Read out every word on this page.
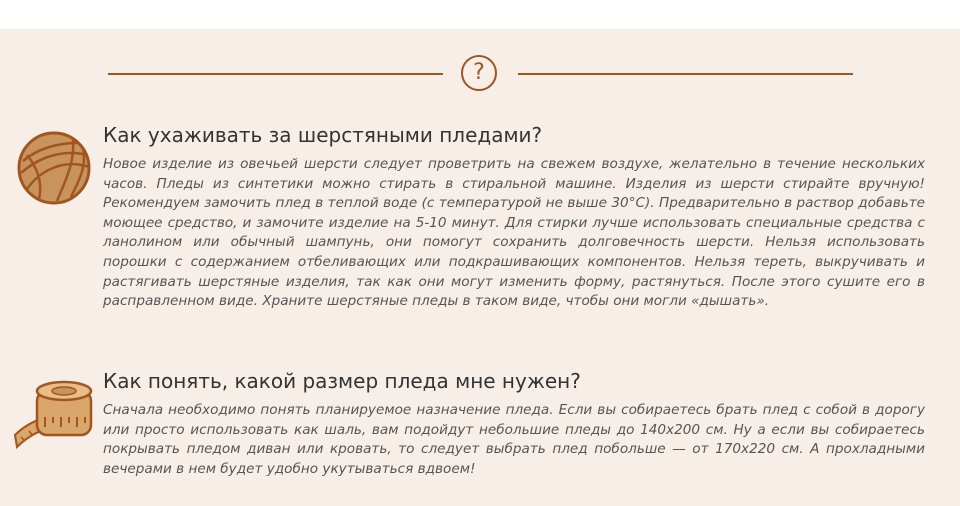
?
Как ухаживать за шерстяными пледами?

Новое изделие из овечьей шерсти следует проветрить на свежем воздухе, желательно в течение нескольких часов. Пледы из синтетики можно стирать в стиральной машине. Изделия из шерсти стирайте вручную! Рекомендуем замочить плед в теплой воде (с температурой не выше 30°C). Предварительно в раствор добавьте моющее средство, и замочите изделие на 5-10 минут. Для стирки лучше использовать специальные средства с ланолином или обычный шампунь, они помогут сохранить долговечность шерсти. Нельзя использовать порошки с содержанием отбеливающих или подкрашивающих компонентов. Нельзя тереть, выкручивать и растягивать шерстяные изделия, так как они могут изменить форму, растянуться. После этого сушите его в расправленном виде. Храните шерстяные пледы в таком виде, чтобы они могли «дышать».

Как понять, какой размер пледа мне нужен?

Сначала необходимо понять планируемое назначение пледа. Если вы собираетесь брать плед с собой в дорогу или просто использовать как шаль, вам подойдут небольшие пледы до 140x200 см. Ну а если вы собираетесь покрывать пледом диван или кровать, то следует выбрать плед побольше — от 170x220 см. А прохладными вечерами в нем будет удобно укутываться вдвоем!
